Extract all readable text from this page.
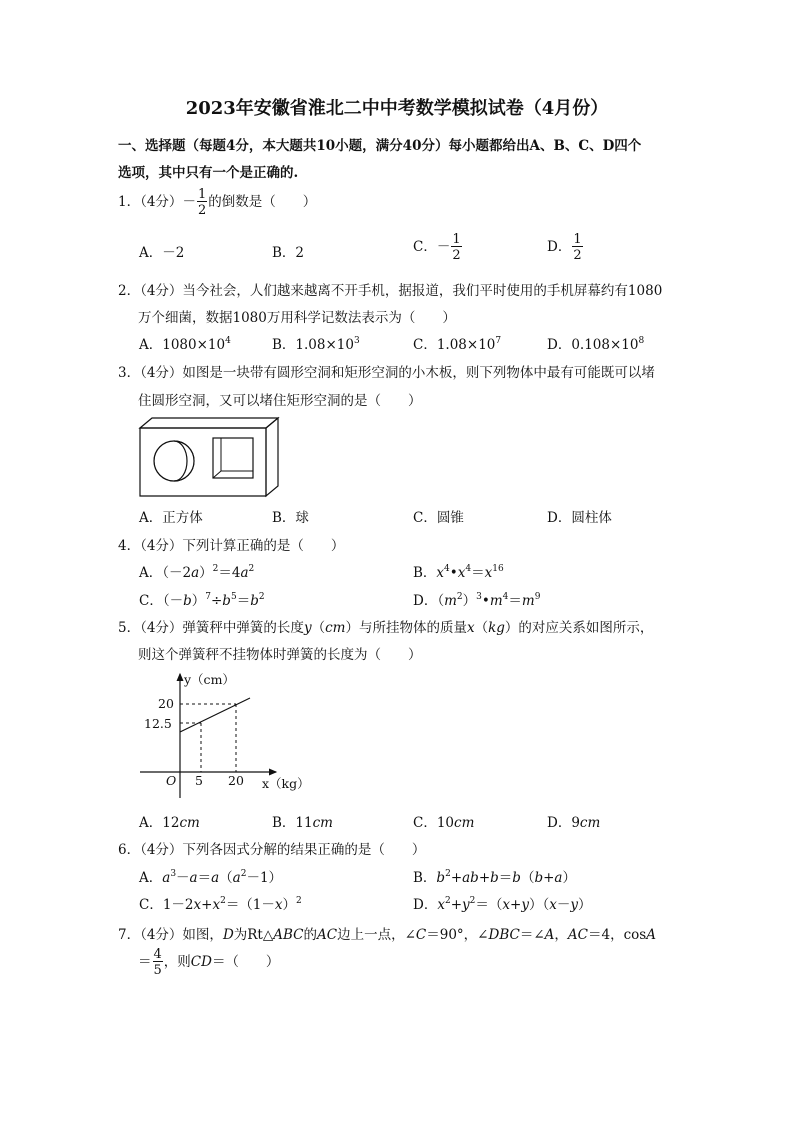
2023年安徽省淮北二中中考数学模拟试卷（4月份）
一、选择题（每题4分，本大题共10小题，满分40分）每小题都给出A、B、C、D四个
选项，其中只有一个是正确的.
1．（4分）－ $\frac{1}{2}$ 的倒数是（　　）
A．－2	B．2	C．－ $\frac{1}{2}$	D． $\frac{1}{2}$
2．（4分）当今社会，人们越来越离不开手机，据报道，我们平时使用的手机屏幕约有1080
万个细菌，数据1080万用科学记数法表示为（　　）
A．$1080\times 10^4$	B．$1.08\times 10^3$	C．$1.08\times 10^7$	D．$0.108\times 10^8$
3．（4分）如图是一块带有圆形空洞和矩形空洞的小木板，则下列物体中最有可能既可以堵
住圆形空洞，又可以堵住矩形空洞的是（　　）
A．正方体	B．球	C．圆锥	D．圆柱体
4．（4分）下列计算正确的是（　　）
A．$(-2a)^2=4a^2$	B．$x^4•x^4=x^{16}$
C．$(-b)^7\div b^5=b^2$	D．$(m^2)^3•m^4=m^9$
5．（4分）弹簧秤中弹簧的长度y（cm）与所挂物体的质量x（kg）的对应关系如图所示，
则这个弹簧秤不挂物体时弹簧的长度为（　　）
y（cm）
20
12.5
O 5 20 x（kg）
A．12cm	B．11cm	C．10cm	D．9cm
6．（4分）下列各因式分解的结果正确的是（　　）
A．$a^3-a=a(a^2-1)$	B．$b^2+ab+b=b(b+a)$
C．$1-2x+x^2=(1-x)^2$	D．$x^2+y^2=(x+y)(x-y)$
7．（4分）如图，D为Rt△ABC的AC边上一点，∠C＝90°，∠DBC＝∠A，AC＝4，cosA
＝ $\frac{4}{5}$ ，则CD＝（　　）
